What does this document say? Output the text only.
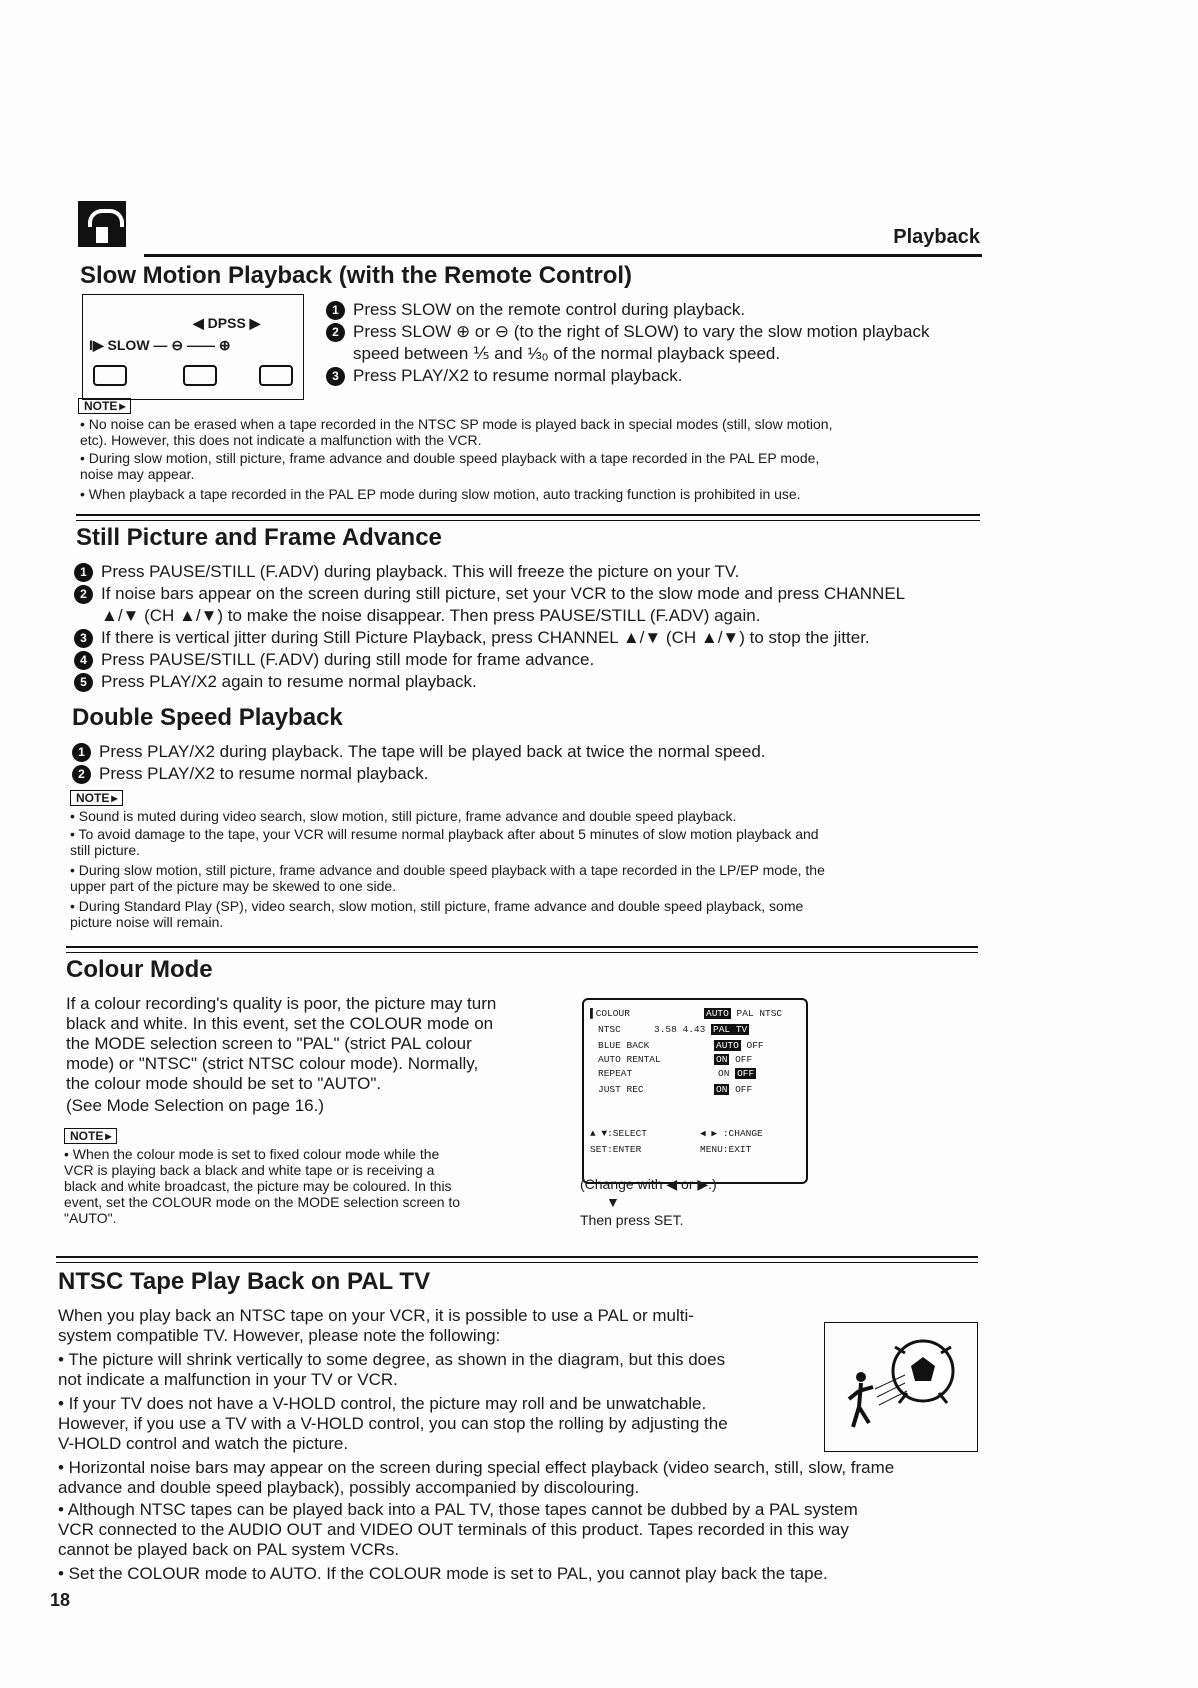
Playback
Slow Motion Playback (with the Remote Control)
◀ DPSS ▶
I▶ SLOW — ⊖ —— ⊕
1 Press SLOW on the remote control during playback.
2 Press SLOW ⊕ or ⊖ (to the right of SLOW) to vary the slow motion playback
speed between ⅕ and ⅓₀ of the normal playback speed.
3 Press PLAY/X2 to resume normal playback.
NOTE ▸
• No noise can be erased when a tape recorded in the NTSC SP mode is played back in special modes (still, slow motion,
etc). However, this does not indicate a malfunction with the VCR.
• During slow motion, still picture, frame advance and double speed playback with a tape recorded in the PAL EP mode,
noise may appear.
• When playback a tape recorded in the PAL EP mode during slow motion, auto tracking function is prohibited in use.
Still Picture and Frame Advance
1 Press PAUSE/STILL (F.ADV) during playback. This will freeze the picture on your TV.
2 If noise bars appear on the screen during still picture, set your VCR to the slow mode and press CHANNEL
▲/▼ (CH ▲/▼) to make the noise disappear. Then press PAUSE/STILL (F.ADV) again.
3 If there is vertical jitter during Still Picture Playback, press CHANNEL ▲/▼ (CH ▲/▼) to stop the jitter.
4 Press PAUSE/STILL (F.ADV) during still mode for frame advance.
5 Press PLAY/X2 again to resume normal playback.
Double Speed Playback
1 Press PLAY/X2 during playback. The tape will be played back at twice the normal speed.
2 Press PLAY/X2 to resume normal playback.
NOTE ▸
• Sound is muted during video search, slow motion, still picture, frame advance and double speed playback.
• To avoid damage to the tape, your VCR will resume normal playback after about 5 minutes of slow motion playback and
still picture.
• During slow motion, still picture, frame advance and double speed playback with a tape recorded in the LP/EP mode, the
upper part of the picture may be skewed to one side.
• During Standard Play (SP), video search, slow motion, still picture, frame advance and double speed playback, some
picture noise will remain.
Colour Mode
If a colour recording's quality is poor, the picture may turn
black and white. In this event, set the COLOUR mode on
the MODE selection screen to "PAL" (strict PAL colour
mode) or "NTSC" (strict NTSC colour mode). Normally,
the colour mode should be set to "AUTO".
(See Mode Selection on page 16.)
NOTE ▸
• When the colour mode is set to fixed colour mode while the
VCR is playing back a black and white tape or is receiving a
black and white broadcast, the picture may be coloured. In this
event, set the COLOUR mode on the MODE selection screen to
"AUTO".
▌COLOUR	AUTO PAL NTSC
NTSC	3.58 4.43 PAL TV
BLUE BACK	AUTO OFF
AUTO RENTAL	ON OFF
REPEAT	ON OFF
JUST REC	ON OFF
▲ ▼:SELECT	◀ ▶ :CHANGE
SET:ENTER	MENU:EXIT
(Change with ◀ or ▶.)
▼
Then press SET.
NTSC Tape Play Back on PAL TV
When you play back an NTSC tape on your VCR, it is possible to use a PAL or multi-
system compatible TV. However, please note the following:
• The picture will shrink vertically to some degree, as shown in the diagram, but this does
not indicate a malfunction in your TV or VCR.
• If your TV does not have a V-HOLD control, the picture may roll and be unwatchable.
However, if you use a TV with a V-HOLD control, you can stop the rolling by adjusting the
V-HOLD control and watch the picture.
• Horizontal noise bars may appear on the screen during special effect playback (video search, still, slow, frame
advance and double speed playback), possibly accompanied by discolouring.
• Although NTSC tapes can be played back into a PAL TV, those tapes cannot be dubbed by a PAL system
VCR connected to the AUDIO OUT and VIDEO OUT terminals of this product. Tapes recorded in this way
cannot be played back on PAL system VCRs.
• Set the COLOUR mode to AUTO. If the COLOUR mode is set to PAL, you cannot play back the tape.
18
